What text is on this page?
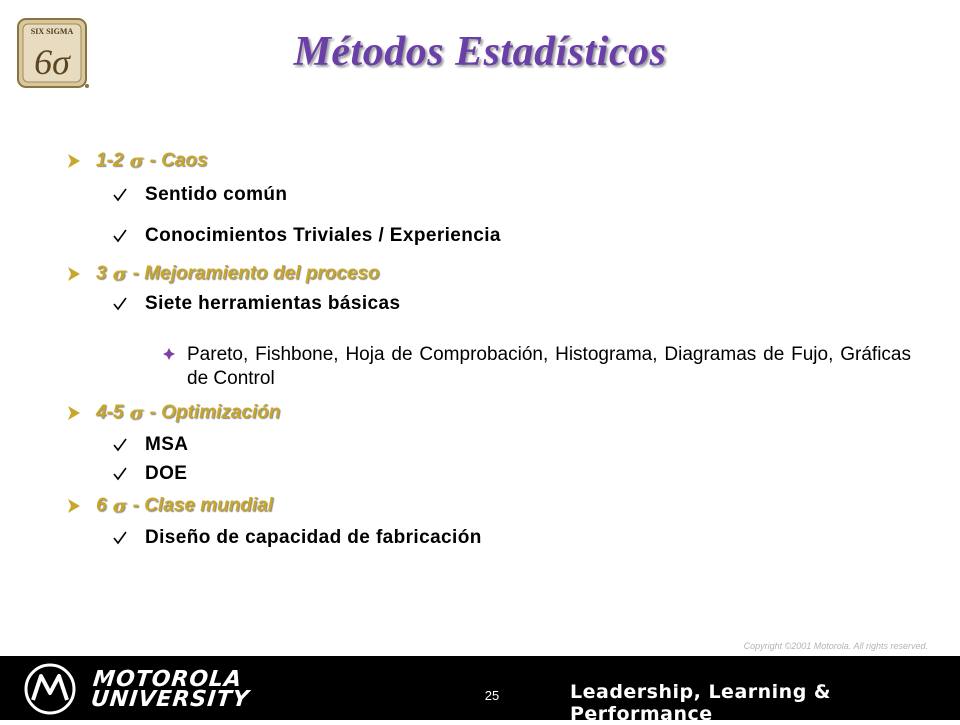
SIX SIGMA
6σ	Métodos Estadísticos
1-2 σ - Caos
Sentido común
Conocimientos Triviales / Experiencia
3 σ - Mejoramiento del proceso
Siete herramientas básicas
Pareto, Fishbone, Hoja de Comprobación, Histograma, Diagramas de Fujo, Gráficas de Control
4-5 σ - Optimización
MSA
DOE
6 σ - Clase mundial
Diseño de capacidad de fabricación
Copyright ©2001 Motorola. All rights reserved.
MOTOROLA
UNIVERSITY	25	Leadership, Learning & Performance
